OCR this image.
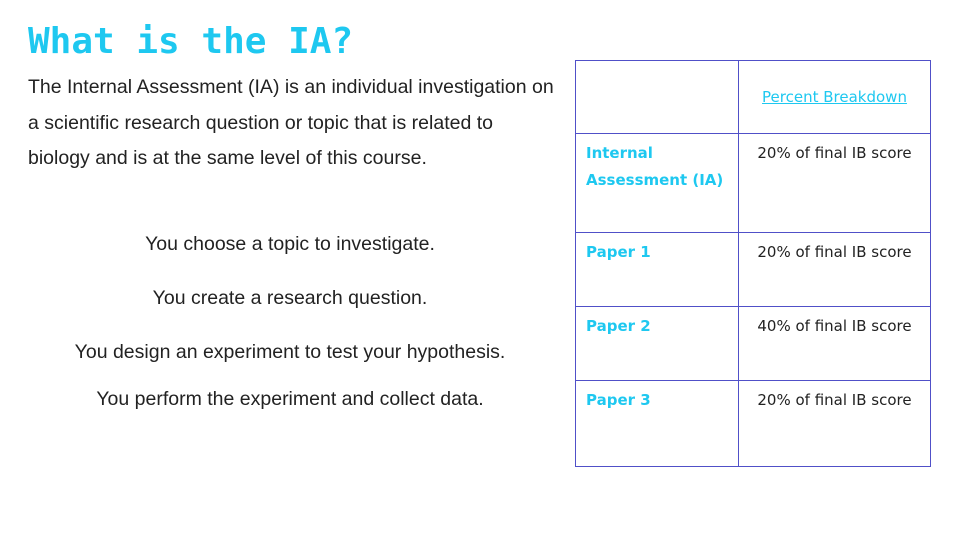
What is the IA?

The Internal Assessment (IA) is an individual investigation on a scientific research question or topic that is related to biology and is at the same level of this course.

You choose a topic to investigate.
You create a research question.
You design an experiment to test your hypothesis.
You perform the experiment and collect data.
	Percent Breakdown
Internal Assessment (IA)	20% of final IB score
Paper 1	20% of final IB score
Paper 2	40% of final IB score
Paper 3	20% of final IB score
